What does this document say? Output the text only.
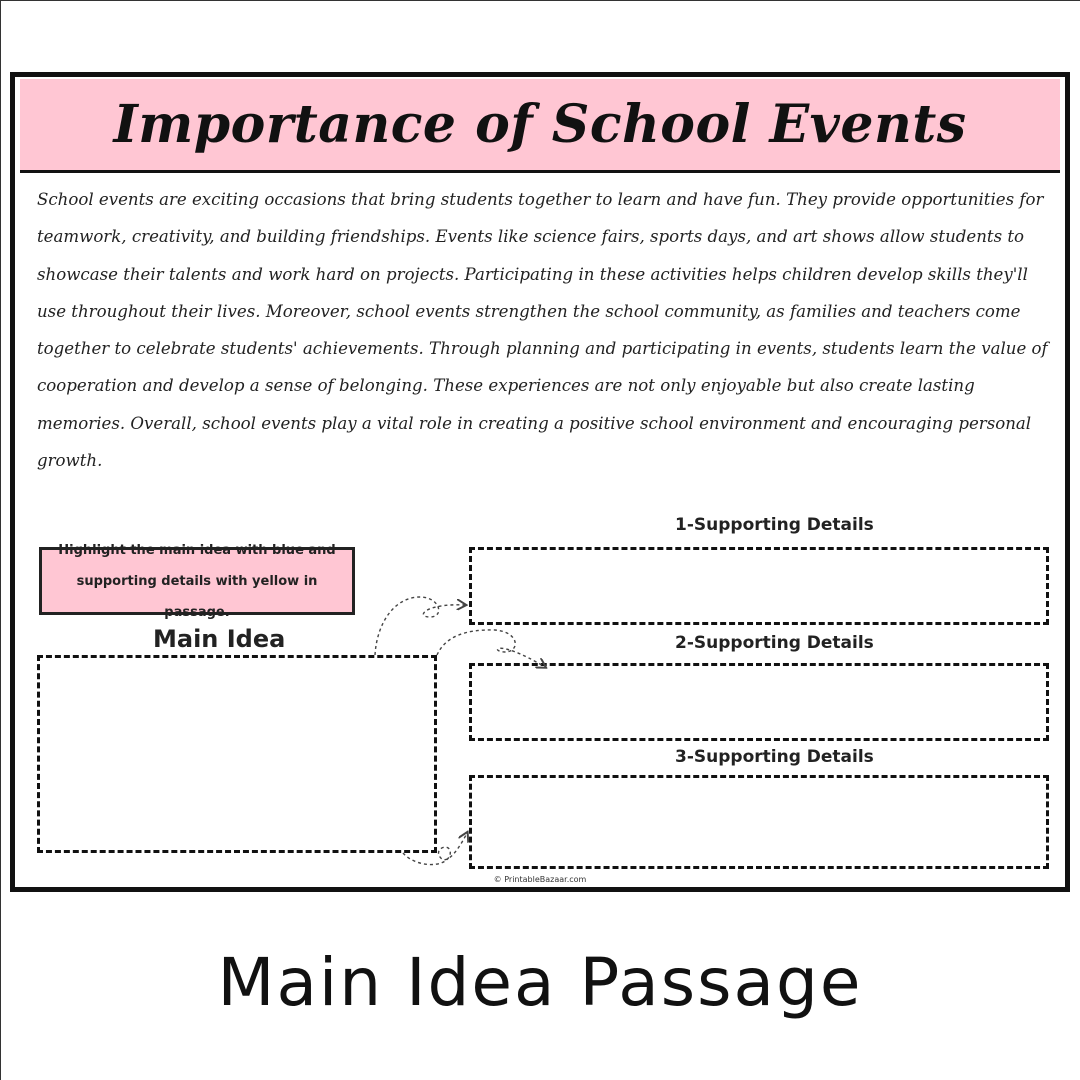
Importance of School Events

School events are exciting occasions that bring students together to learn and have fun. They provide opportunities for teamwork, creativity, and building friendships. Events like science fairs, sports days, and art shows allow students to showcase their talents and work hard on projects. Participating in these activities helps children develop skills they'll use throughout their lives. Moreover, school events strengthen the school community, as families and teachers come together to celebrate students' achievements. Through planning and participating in events, students learn the value of cooperation and develop a sense of belonging. These experiences are not only enjoyable but also create lasting memories. Overall, school events play a vital role in creating a positive school environment and encouraging personal growth.

Highlight the main idea with blue and supporting details with yellow in passage.
Main Idea
1-Supporting Details
2-Supporting Details
3-Supporting Details
© PrintableBazaar.com
Main Idea Passage
